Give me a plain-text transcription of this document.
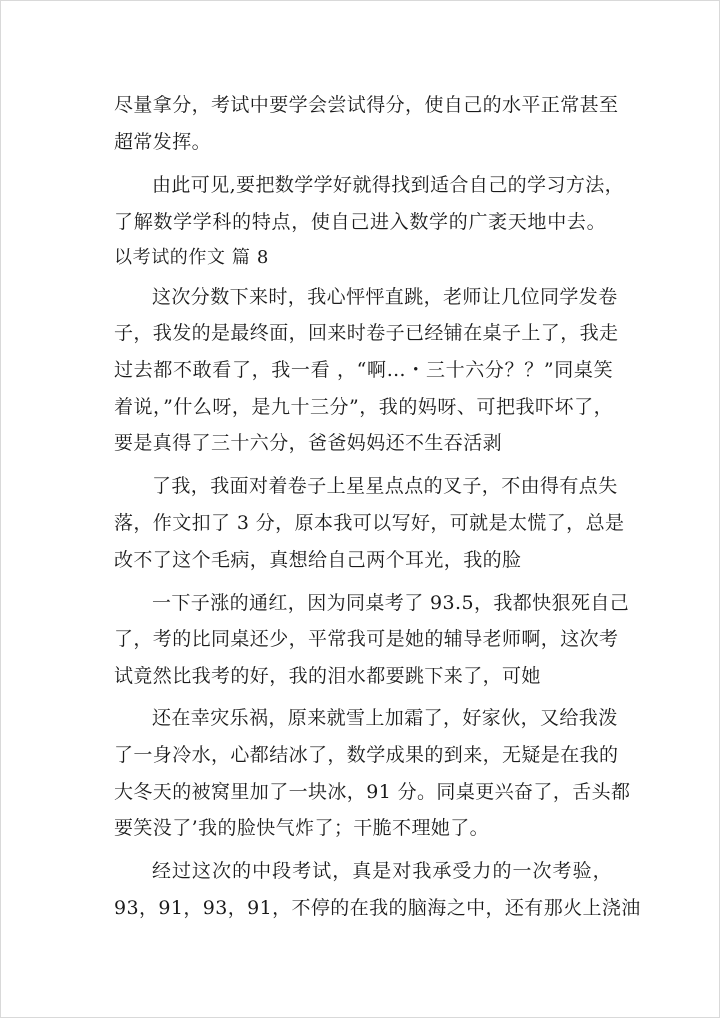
尽量拿分，考试中要学会尝试得分，使自己的水平正常甚至
超常发挥。
由此可见,要把数学学好就得找到适合自己的学习方法，
了解数学学科的特点，使自己进入数学的广袤天地中去。
以考试的作文 篇 8
这次分数下来时，我心怦怦直跳，老师让几位同学发卷
子，我发的是最终面，回来时卷子已经铺在桌子上了，我走
过去都不敢看了，我一看 ，“啊…・三十六分？？”同桌笑
着说，”什么呀，是九十三分”，我的妈呀、可把我吓坏了，
要是真得了三十六分，爸爸妈妈还不生吞活剥
了我，我面对着卷子上星星点点的叉子，不由得有点失
落，作文扣了 3 分，原本我可以写好，可就是太慌了，总是
改不了这个毛病，真想给自己两个耳光，我的脸
一下子涨的通红，因为同桌考了 93.5，我都快狠死自己
了，考的比同桌还少，平常我可是她的辅导老师啊，这次考
试竟然比我考的好，我的泪水都要跳下来了，可她
还在幸灾乐祸，原来就雪上加霜了，好家伙，又给我泼
了一身冷水，心都结冰了，数学成果的到来，无疑是在我的
大冬天的被窝里加了一块冰，91 分。同桌更兴奋了，舌头都
要笑没了’我的脸快气炸了；干脆不理她了。
经过这次的中段考试，真是对我承受力的一次考验，
93，91，93，91，不停的在我的脑海之中，还有那火上浇油
